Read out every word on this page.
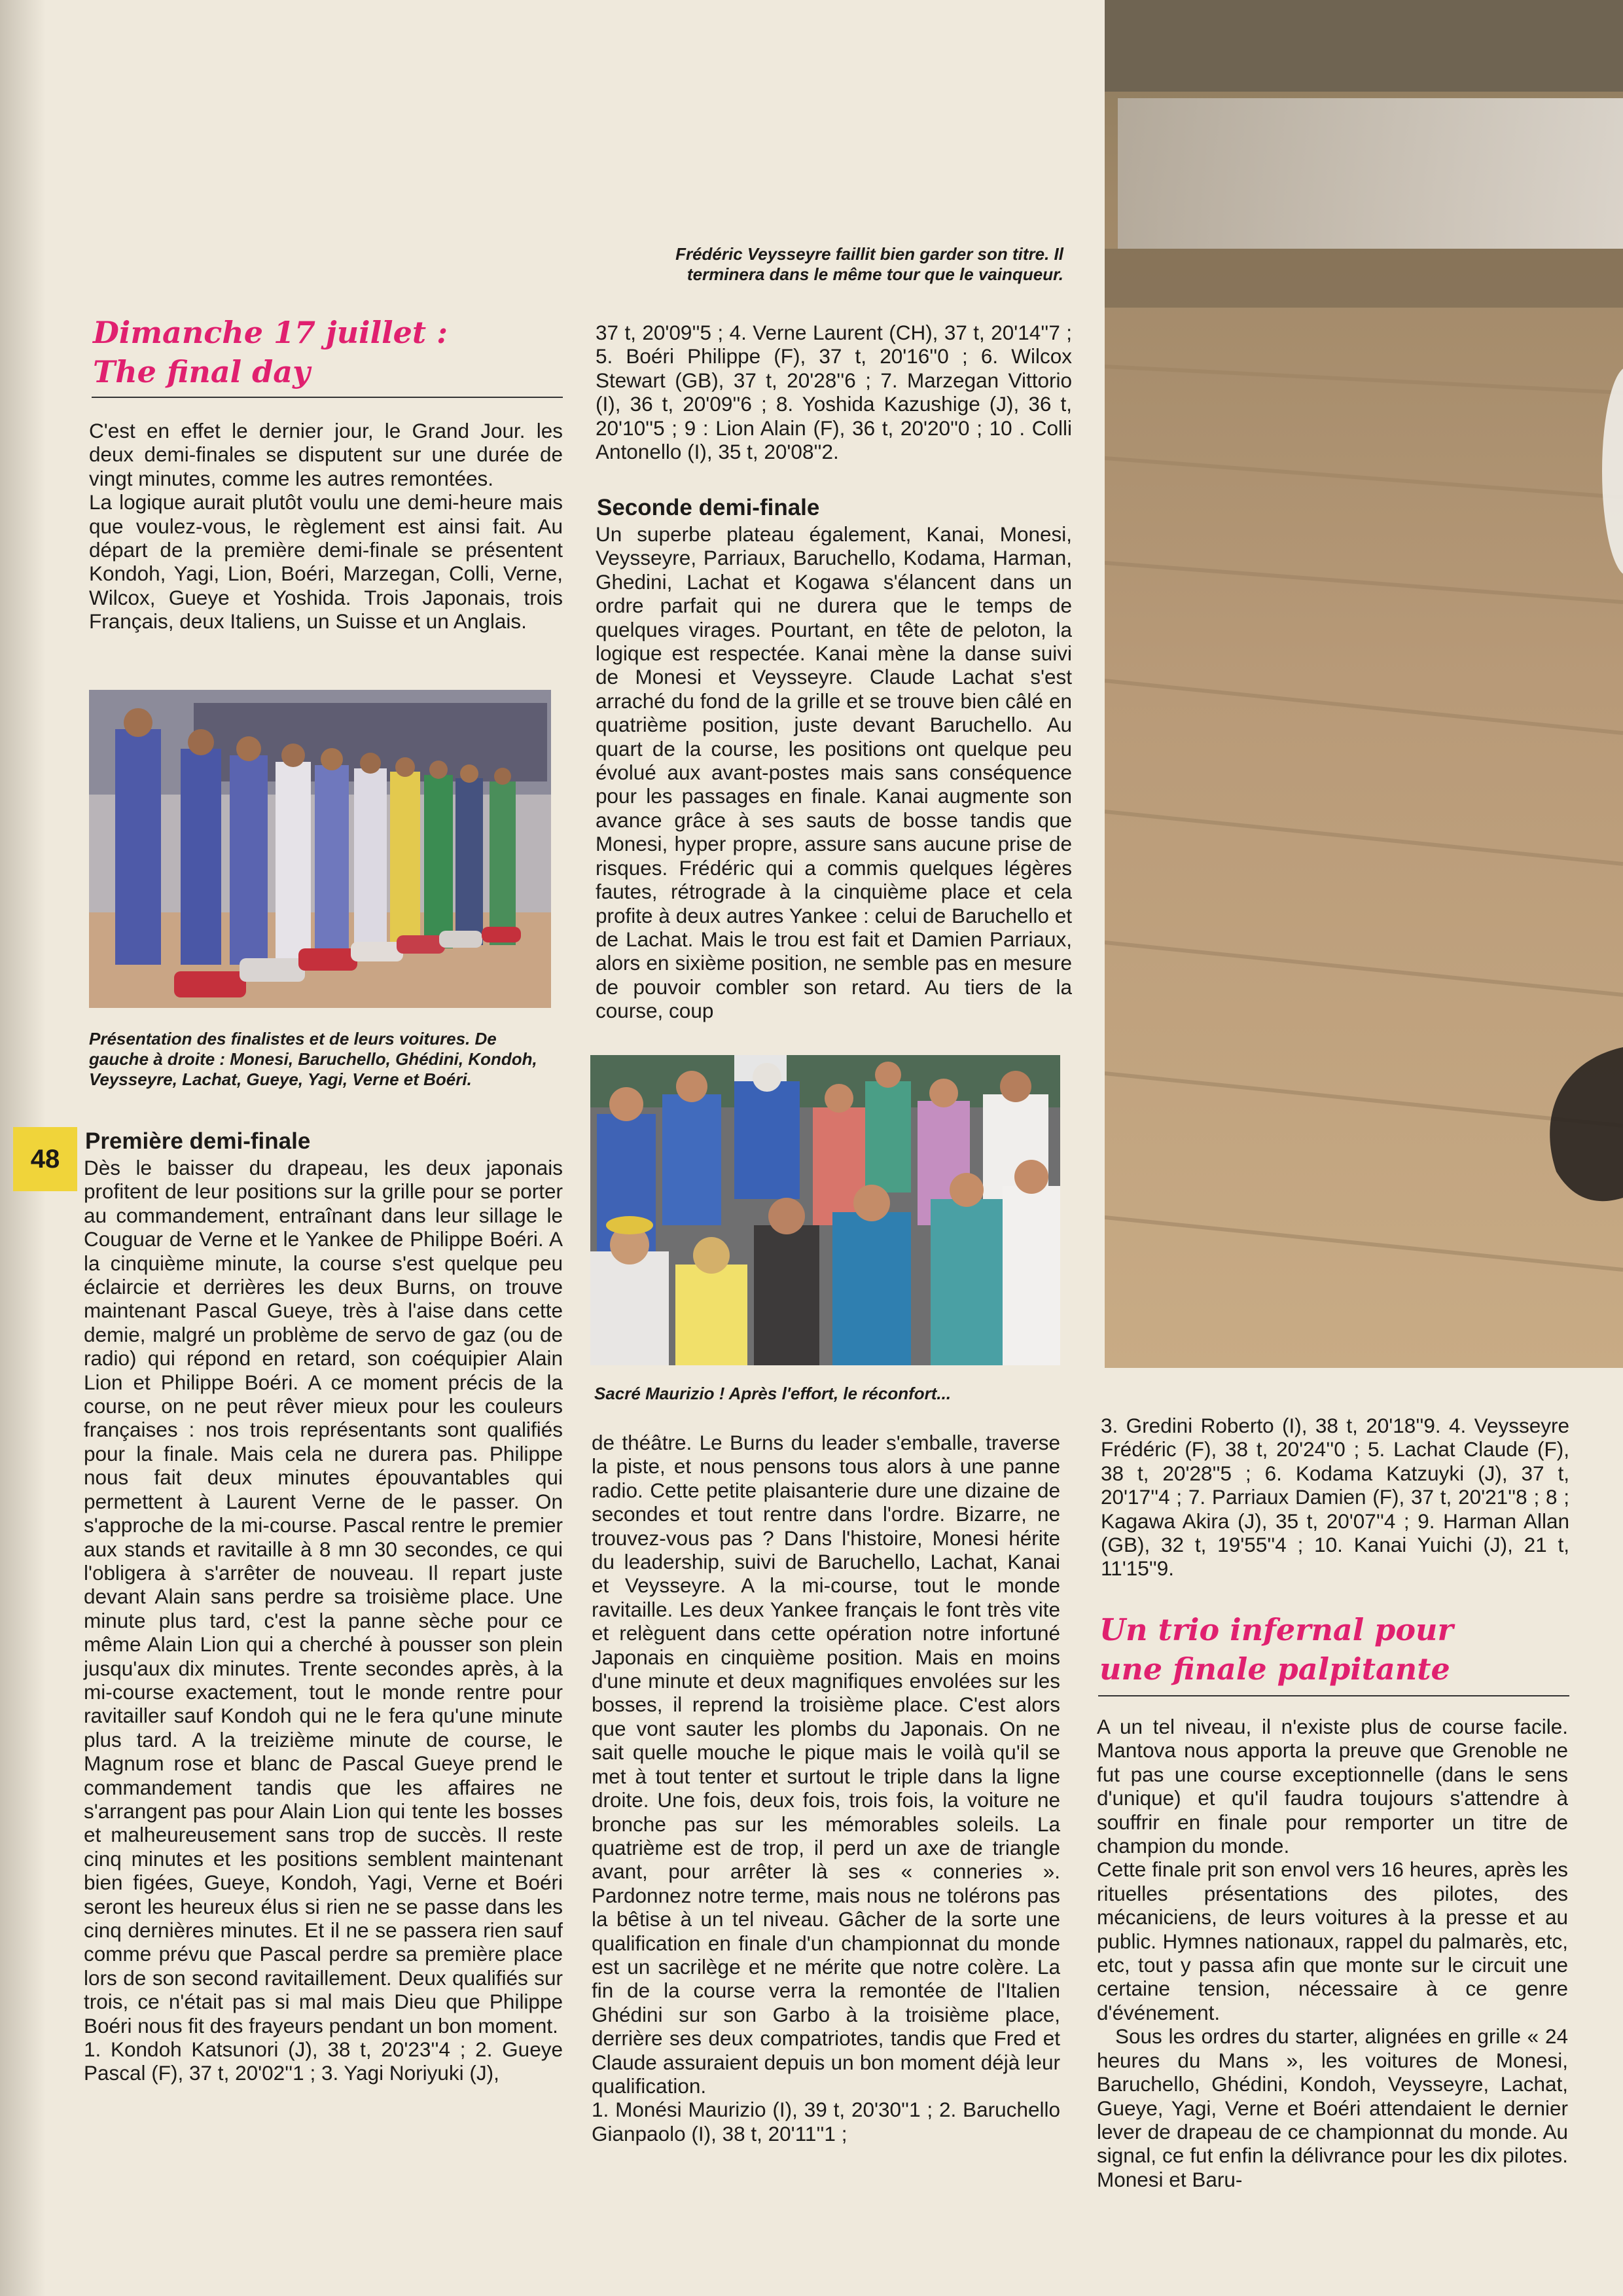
Frédéric Veysseyre faillit bien garder son titre. Il terminera dans le même tour que le vainqueur.

Dimanche 17 juillet :
The final day

C'est en effet le dernier jour, le Grand Jour. les deux demi-finales se disputent sur une durée de vingt minutes, comme les autres remontées.

La logique aurait plutôt voulu une demi-heure mais que voulez-vous, le règlement est ainsi fait. Au départ de la première demi-finale se présentent Kondoh, Yagi, Lion, Boéri, Marzegan, Colli, Verne, Wilcox, Gueye et Yoshida. Trois Japonais, trois Français, deux Italiens, un Suisse et un Anglais.

Présentation des finalistes et de leurs voitures. De gauche à droite : Monesi, Baruchello, Ghédini, Kondoh, Veysseyre, Lachat, Gueye, Yagi, Verne et Boéri.

48
Première demi-finale

Dès le baisser du drapeau, les deux japonais profitent de leur positions sur la grille pour se porter au commandement, entraînant dans leur sillage le Couguar de Verne et le Yankee de Philippe Boéri. A la cinquième minute, la course s'est quelque peu éclaircie et derrières les deux Burns, on trouve maintenant Pascal Gueye, très à l'aise dans cette demie, malgré un problème de servo de gaz (ou de radio) qui répond en retard, son coéquipier Alain Lion et Philippe Boéri. A ce moment précis de la course, on ne peut rêver mieux pour les couleurs françaises : nos trois représentants sont qualifiés pour la finale. Mais cela ne durera pas. Philippe nous fait deux minutes épouvantables qui permettent à Laurent Verne de le passer. On s'approche de la mi-course. Pascal rentre le premier aux stands et ravitaille à 8 mn 30 secondes, ce qui l'obligera à s'arrêter de nouveau. Il repart juste devant Alain sans perdre sa troisième place. Une minute plus tard, c'est la panne sèche pour ce même Alain Lion qui a cherché à pousser son plein jusqu'aux dix minutes. Trente secondes après, à la mi-course exactement, tout le monde rentre pour ravitailler sauf Kondoh qui ne le fera qu'une minute plus tard. A la treizième minute de course, le Magnum rose et blanc de Pascal Gueye prend le commandement tandis que les affaires ne s'arrangent pas pour Alain Lion qui tente les bosses et malheureusement sans trop de succès. Il reste cinq minutes et les positions semblent maintenant bien figées, Gueye, Kondoh, Yagi, Verne et Boéri seront les heureux élus si rien ne se passe dans les cinq dernières minutes. Et il ne se passera rien sauf comme prévu que Pascal perdre sa première place lors de son second ravitaillement. Deux qualifiés sur trois, ce n'était pas si mal mais Dieu que Philippe Boéri nous fit des frayeurs pendant un bon moment.

1. Kondoh Katsunori (J), 38 t, 20'23''4 ; 2. Gueye Pascal (F), 37 t, 20'02''1 ; 3. Yagi Noriyuki (J),

37 t, 20'09''5 ; 4. Verne Laurent (CH), 37 t, 20'14''7 ; 5. Boéri Philippe (F), 37 t, 20'16''0 ; 6. Wilcox Stewart (GB), 37 t, 20'28''6 ; 7. Marzegan Vittorio (I), 36 t, 20'09''6 ; 8. Yoshida Kazushige (J), 36 t, 20'10''5 ; 9 : Lion Alain (F), 36 t, 20'20''0 ; 10 . Colli Antonello (I), 35 t, 20'08''2.

Seconde demi-finale

Un superbe plateau également, Kanai, Monesi, Veysseyre, Parriaux, Baruchello, Kodama, Harman, Ghedini, Lachat et Kogawa s'élancent dans un ordre parfait qui ne durera que le temps de quelques virages. Pourtant, en tête de peloton, la logique est respectée. Kanai mène la danse suivi de Monesi et Veysseyre. Claude Lachat s'est arraché du fond de la grille et se trouve bien câlé en quatrième position, juste devant Baruchello. Au quart de la course, les positions ont quelque peu évolué aux avant-postes mais sans conséquence pour les passages en finale. Kanai augmente son avance grâce à ses sauts de bosse tandis que Monesi, hyper propre, assure sans aucune prise de risques. Frédéric qui a commis quelques légères fautes, rétrograde à la cinquième place et cela profite à deux autres Yankee : celui de Baruchello et de Lachat. Mais le trou est fait et Damien Parriaux, alors en sixième position, ne semble pas en mesure de pouvoir combler son retard. Au tiers de la course, coup

Sacré Maurizio ! Après l'effort, le réconfort...

de théâtre. Le Burns du leader s'emballe, traverse la piste, et nous pensons tous alors à une panne radio. Cette petite plaisanterie dure une dizaine de secondes et tout rentre dans l'ordre. Bizarre, ne trouvez-vous pas ? Dans l'histoire, Monesi hérite du leadership, suivi de Baruchello, Lachat, Kanai et Veysseyre. A la mi-course, tout le monde ravitaille. Les deux Yankee français le font très vite et relèguent dans cette opération notre infortuné Japonais en cinquième position. Mais en moins d'une minute et deux magnifiques envolées sur les bosses, il reprend la troisième place. C'est alors que vont sauter les plombs du Japonais. On ne sait quelle mouche le pique mais le voilà qu'il se met à tout tenter et surtout le triple dans la ligne droite. Une fois, deux fois, trois fois, la voiture ne bronche pas sur les mémorables soleils. La quatrième est de trop, il perd un axe de triangle avant, pour arrêter là ses « conneries ». Pardonnez notre terme, mais nous ne tolérons pas la bêtise à un tel niveau. Gâcher de la sorte une qualification en finale d'un championnat du monde est un sacrilège et ne mérite que notre colère. La fin de la course verra la remontée de l'Italien Ghédini sur son Garbo à la troisième place, derrière ses deux compatriotes, tandis que Fred et Claude assuraient depuis un bon moment déjà leur qualification.

1. Monési Maurizio (I), 39 t, 20'30''1 ; 2. Baruchello Gianpaolo (I), 38 t, 20'11''1 ;

3. Gredini Roberto (I), 38 t, 20'18''9. 4. Veysseyre Frédéric (F), 38 t, 20'24''0 ; 5. Lachat Claude (F), 38 t, 20'28''5 ; 6. Kodama Katzuyki (J), 37 t, 20'17''4 ; 7. Parriaux Damien (F), 37 t, 20'21''8 ; 8 ; Kagawa Akira (J), 35 t, 20'07''4 ; 9. Harman Allan (GB), 32 t, 19'55''4 ; 10. Kanai Yuichi (J), 21 t, 11'15''9.

Un trio infernal pour
une finale palpitante

A un tel niveau, il n'existe plus de course facile. Mantova nous apporta la preuve que Grenoble ne fut pas une course exceptionnelle (dans le sens d'unique) et qu'il faudra toujours s'attendre à souffrir en finale pour remporter un titre de champion du monde.

Cette finale prit son envol vers 16 heures, après les rituelles présentations des pilotes, des mécaniciens, de leurs voitures à la presse et au public. Hymnes nationaux, rappel du palmarès, etc, etc, tout y passa afin que monte sur le circuit une certaine tension, nécessaire à ce genre d'événement.

Sous les ordres du starter, alignées en grille « 24 heures du Mans », les voitures de Monesi, Baruchello, Ghédini, Kondoh, Veysseyre, Lachat, Gueye, Yagi, Verne et Boéri attendaient le dernier lever de drapeau de ce championnat du monde. Au signal, ce fut enfin la délivrance pour les dix pilotes. Monesi et Baru-
